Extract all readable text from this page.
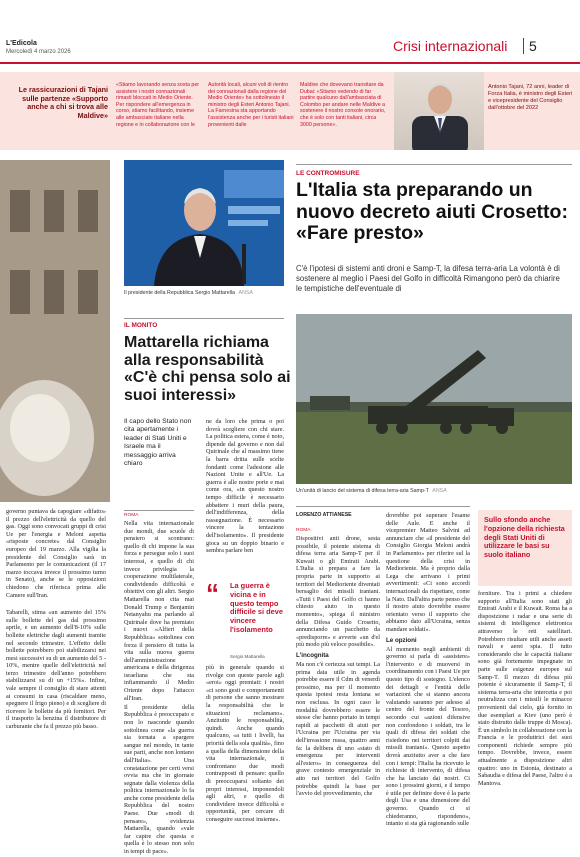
L'Edicola
Mercoledì 4 marzo 2026	Crisi internazionali 5
Le rassicurazioni di Tajani sulle partenze «Supporto anche a chi si trova alle Maldive»
«Stiamo lavorando senza sosta per assistere i nostri connazionali rimasti bloccati in Medio Oriente. Per rispondere all'emergenza in corso, stiamo facilitando, insieme alle ambasciate italiane nella regione e in collaborazione con le
Autorità locali, alcuni voli di rientro dei connazionali dalla regione del Medio Oriente» ha sottolineato il ministro degli Esteri Antonio Tajani. La Farnesina sta apportando l'assistenza anche per i turisti italiani provenienti dalle
Maldive che dovevano transitare da Dubai: «Stiamo vedendo di far partire qualcuno dall'ambasciata di Colombo per andare nelle Maldive a sostenere il nostro console onorario, che è solo con tanti italiani, circa 3000 persone».
Antonio Tajani, 72 anni, leader di Forza Italia, è ministro degli Esteri e vicepresidente del Consiglio dall'ottobre del 2022

governo puntava da capogiare «difatto» il prezzo dell'elettricità da quello del gas. Oggi sono convocati gruppi di crisi Ue per l'energia e Meloni aspetta «risposte concrete» dal Consiglio europeo del 19 marzo. Alla vigilia la presidente del Consiglio sarà in Parlamento per le comunicazioni (il 17 marzo toccava invece il prossimo turno in Senato), anche se le opposizioni chiedono che riferisca prima alle Camere sull'Iran.

Tabarelli, stima «un aumento del 15% sulle bollette del gas dal prossimo aprile, e un aumento dell'8-10% sulle bollette elettriche dagli aumenti tramite nel secondo trimestre. L'effetto delle bollette potrebbero poi stabilizzarsi nei mesi successivi su di un aumento del 5 - 10%, mentre quelle dell'elettricità nel terzo trimestre dell'anno potrebbero stabilizzarsi su di un +15%». Infine, vale sempre il consiglio di stare attenti ai consumi in casa (riscaldare meno, spegnere il frigo pieno) e di scegliere di ricevere le bollette da più fornitori. Per il trasporto la benzina il distributore di carburante che fa il prezzo più basso.

Il presidente della Repubblica Sergio Mattarella ANSA
IL MONITO
Mattarella richiama alla responsabilità «C'è chi pensa solo ai suoi interessi»
Il capo dello Stato non cita apertamente i leader di Stati Uniti e Israele ma il messaggio arriva chiaro
ROMA

Nella vita internazionale due mondi, due scuole di pensiero si scontrano: quello di chi impone la sua forza e persegue solo i suoi interessi, e quello di chi invece privilegia la cooperazione multilaterale, condividendo difficoltà e obiettivi con gli altri. Sergio Mattarella non cita mai Donald Trump e Benjamin Netanyahu ma parlando al Quirinale dove ha premiato i nuovi «Alfieri della Repubblica» sottolinea con forza il pensiero di tutta la vita sulla nuova guerra dell'amministrazione americana e della dirigenza israeliana che sta infiammando il Medio Oriente dopo l'attacco all'Iran.

Il presidente della Repubblica è preoccupato e non lo nasconde quando sottolinea come «la guerra sia tornata a spargere sangue nel mondo, in tante sue parti, anche non lontano dall'Italia». Una constatazione per certi versi ovvia ma che in giornate segnate dalla violenza della politica internazionale lo fa anche come presidente della Repubblica del nostro Paese. Due «modi di pensare», evidenzia Mattarella, quando «vale far capire che questa e quella è lo stesso non solo in tempi di pace».

ne da loro che prima o poi dovrà scegliere con chi stare. La politica estera, come è noto, dipende dal governo e non dal Quirinale che al massimo tiene la barra dritta sulle scelte fondanti come l'adesione alle Nazioni Unite e all'Ue. La guerra è alle nostre porte e mai come ora, «in questo nostro tempo difficile è necessario abbattere i muri della paura, dell'indifferenza, della rassegnazione. È necessario vincere la tentazione dell'isolamento». Il presidente gioca su un doppio binario e sembra parlare ben

“ La guerra è vicina e in questo tempo difficile si deve vincere l'isolamento
Sergio Mattarella

più in generale quando si rivolge con queste parole agli «eroi» oggi premiati: i nostri «ci sono gesti e comportamenti di persone che sanno mostrare la responsabilità che le situazioni reclamano». Anzitutto le responsabilità, quindi. Anche quando qualcuno, «a tutti i livelli, ha priorità della sola qualità», fino a quella della dimensione della vita internazionale, ti confrontano due modi contrapposti di pensare: quello di preoccuparsi soltanto dei propri interessi, imponendoli agli altri, e quello di condividere invece difficoltà e opportunità, per cercare di conseguire successi insieme».

LE CONTROMISURE
L'Italia sta preparando un nuovo decreto aiuti Crosetto: «Fare presto»
C'è l'ipotesi di sistemi anti droni e Samp-T, la difesa terra-aria La volontà è di sostenere al meglio i Paesi del Golfo in difficoltà Rimangono però da chiarire le tempistiche dell'eventuale di
Un'unità di lancio del sistema di difesa terra-aria Samp-T ANSA
LORENZO ATTIANESE
ROMA

Dispositivi anti drone, sesta possibile, il potente sistema di difesa terra aria Samp-T per il Kuwait o gli Emirati Arabi. L'Italia si prepara a fare la propria parte in supporto ai territori del Medioriente diventati bersaglio dei missili iraniani. «Tutti i Paesi del Golfo ci hanno chiesto aiuto in questo momento», spiega il ministro della Difesa Guido Crosetto, annunciando un pacchetto da «predisporre» e avverte «un d'el più modo più veloce possibile».

L'incognita

Ma non c'è certezza sui tempi. La prima data utile in agenda potrebbe essere il Cdm di venerdì prossimo, ma per il momento questa ipotesi resta lontana se non esclusa. In ogni caso le modalità dovrebbero essere le stesse che hanno portato in tempi rapidi ai pacchetti di aiuti per l'Ucraina per l'Ucraina per via dell'invasione russa, quattro anni fa: la delibera di uno «stato di emergenza per interventi all'estero» in conseguenza del grave contesto emergenziale in atto nei territori del Golfo potrebbe quindi la base per l'avvio del provvedimento, che

dovrebbe poi superare l'esame delle Aule. E anche il vicepremier Matteo Salvini ad annunciare che «il presidente del Consiglio Giorgia Meloni andrà in Parlamento» per riferire sul la questione della crisi in Medioriente. Ma è proprio dalla Lega che arrivano i primi avvertimenti: «Ci sono accordi internazionali da rispettare, come la Nato. Dall'altra parte penso che il nostro aiuto dovrebbe essere orientato verso il supporto che abbiamo dato all'Ucraina, senza mandare soldati».

Le opzioni

Al momento negli ambienti di governo si parla di «assistere» l'intervento e di muoversi in coordinamento con i Paesi Ue per questo tipo di sostegno. L'elenco dei dettagli e l'entità delle variazioni che si stanno ancora valutando saranno per adesso al centro del fronte del Tesoro, secondo cui «azioni difensive non confondono i soldati, tra le quali di difesa dei soldati che risiedono nei territori colpiti dai missili iraniani». Questo aspetto dovrà anzitutto aver a che fare con i tempi: l'Italia ha ricevuto le richieste di intervento, di difesa che ha lanciato dai nostri. Ci sono i prossimi giorni, e il tempo è utile per definire dove è la parte degli Usa e una dimensione del governo. Quando ci si chiederanno, rispondeno», intanto si sta già ragionando sulle

Sullo sfondo anche l'opzione della richiesta degli Stati Uniti di utilizzare le basi su suolo italiano

forniture. Tra i primi a chiedere supporto all'Italia sono stati gli Emirati Arabi e il Kuwait. Roma ha a disposizione i radar e una serie di sistemi di intelligence elettronica attraverso le reti satellitari. Potrebbero risultare utili anche asseti navali e aerei spia. Il tutto considerando che le capacità italiane sono già fortemente impegnate in parte sulle esigenze europee sul Samp-T. Il mezzo di difesa più potente è sicuramente il Samp-T, il sistema terra-aria che intercetta e poi neutralizza con i missili le minacce provenienti dal cielo, già fornito in due esemplari a Kiev (uno però è stato distrutto dalle truppe di Mosca). È un simbolo in collaborazione con la Francia e le produttrici dei suoi componenti richiede sempre più tempo. Dovrebbe, invece, essere attualmente a disposizione altri quattro: uno in Estonia, destinato a Sabaudia e difesa del Paese, l'altro è a Mantova.
